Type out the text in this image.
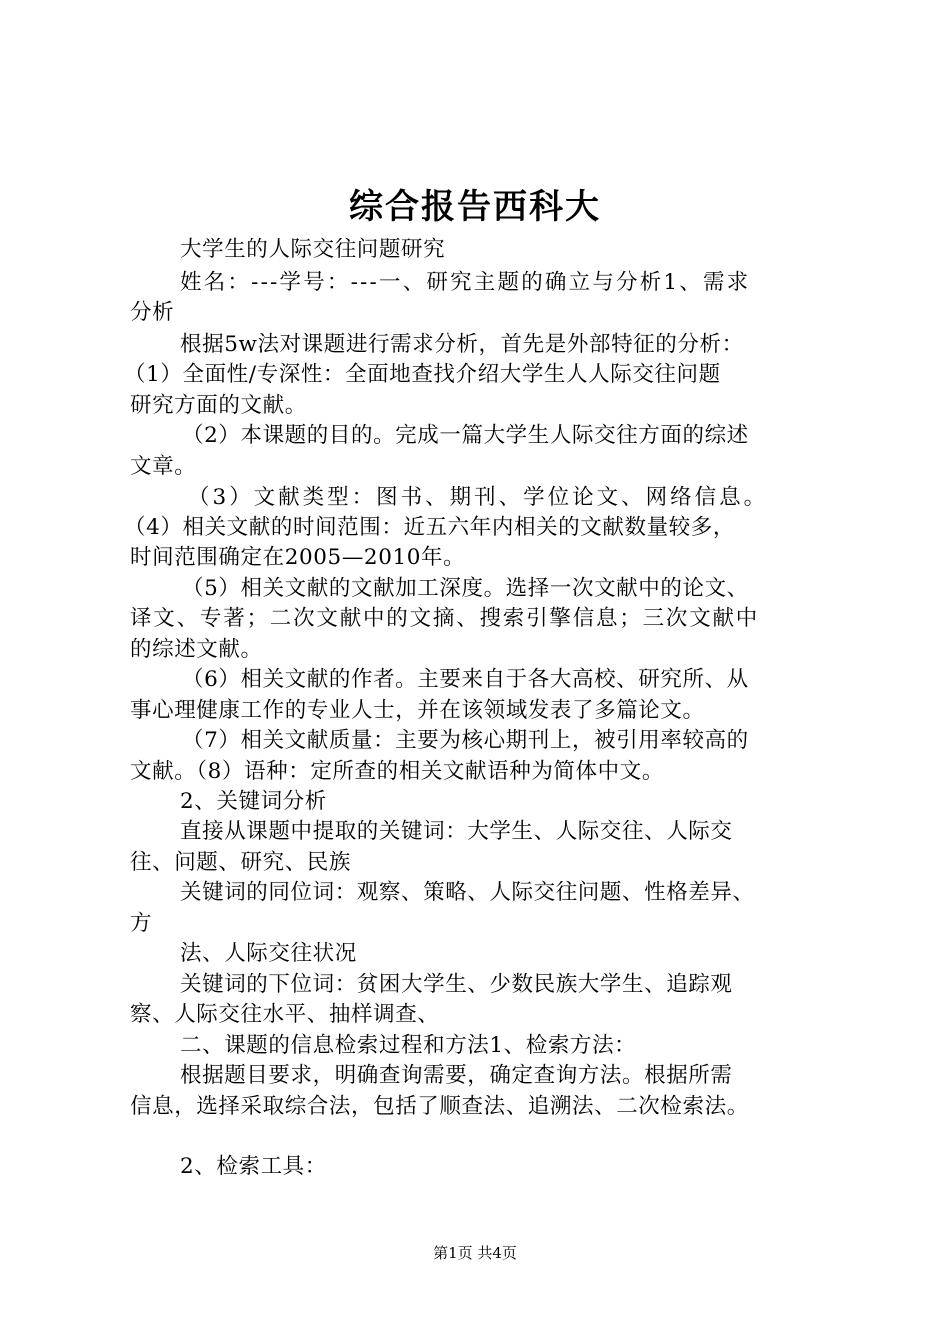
综合报告西科大
大学生的人际交往问题研究
姓名：---学号：---一、研究主题的确立与分析1、需求
分析
根据5w法对课题进行需求分析，首先是外部特征的分析：
（1）全面性/专深性：全面地查找介绍大学生人人际交往问题
研究方面的文献。
（2）本课题的目的。完成一篇大学生人际交往方面的综述
文章。
（3）文献类型：图书、期刊、学位论文、网络信息。
（4）相关文献的时间范围：近五六年内相关的文献数量较多，
时间范围确定在2005—2010年。
（5）相关文献的文献加工深度。选择一次文献中的论文、
译文、专著；二次文献中的文摘、搜索引擎信息；三次文献中
的综述文献。
（6）相关文献的作者。主要来自于各大高校、研究所、从
事心理健康工作的专业人士，并在该领域发表了多篇论文。
（7）相关文献质量：主要为核心期刊上，被引用率较高的
文献。（8）语种：定所查的相关文献语种为简体中文。
2、关键词分析
直接从课题中提取的关键词：大学生、人际交往、人际交
往、问题、研究、民族
关键词的同位词：观察、策略、人际交往问题、性格差异、
方
法、人际交往状况
关键词的下位词：贫困大学生、少数民族大学生、追踪观
察、人际交往水平、抽样调查、
二、课题的信息检索过程和方法1、检索方法：
根据题目要求，明确查询需要，确定查询方法。根据所需
信息，选择采取综合法，包括了顺查法、追溯法、二次检索法。
2、检索工具：
第1页 共4页
